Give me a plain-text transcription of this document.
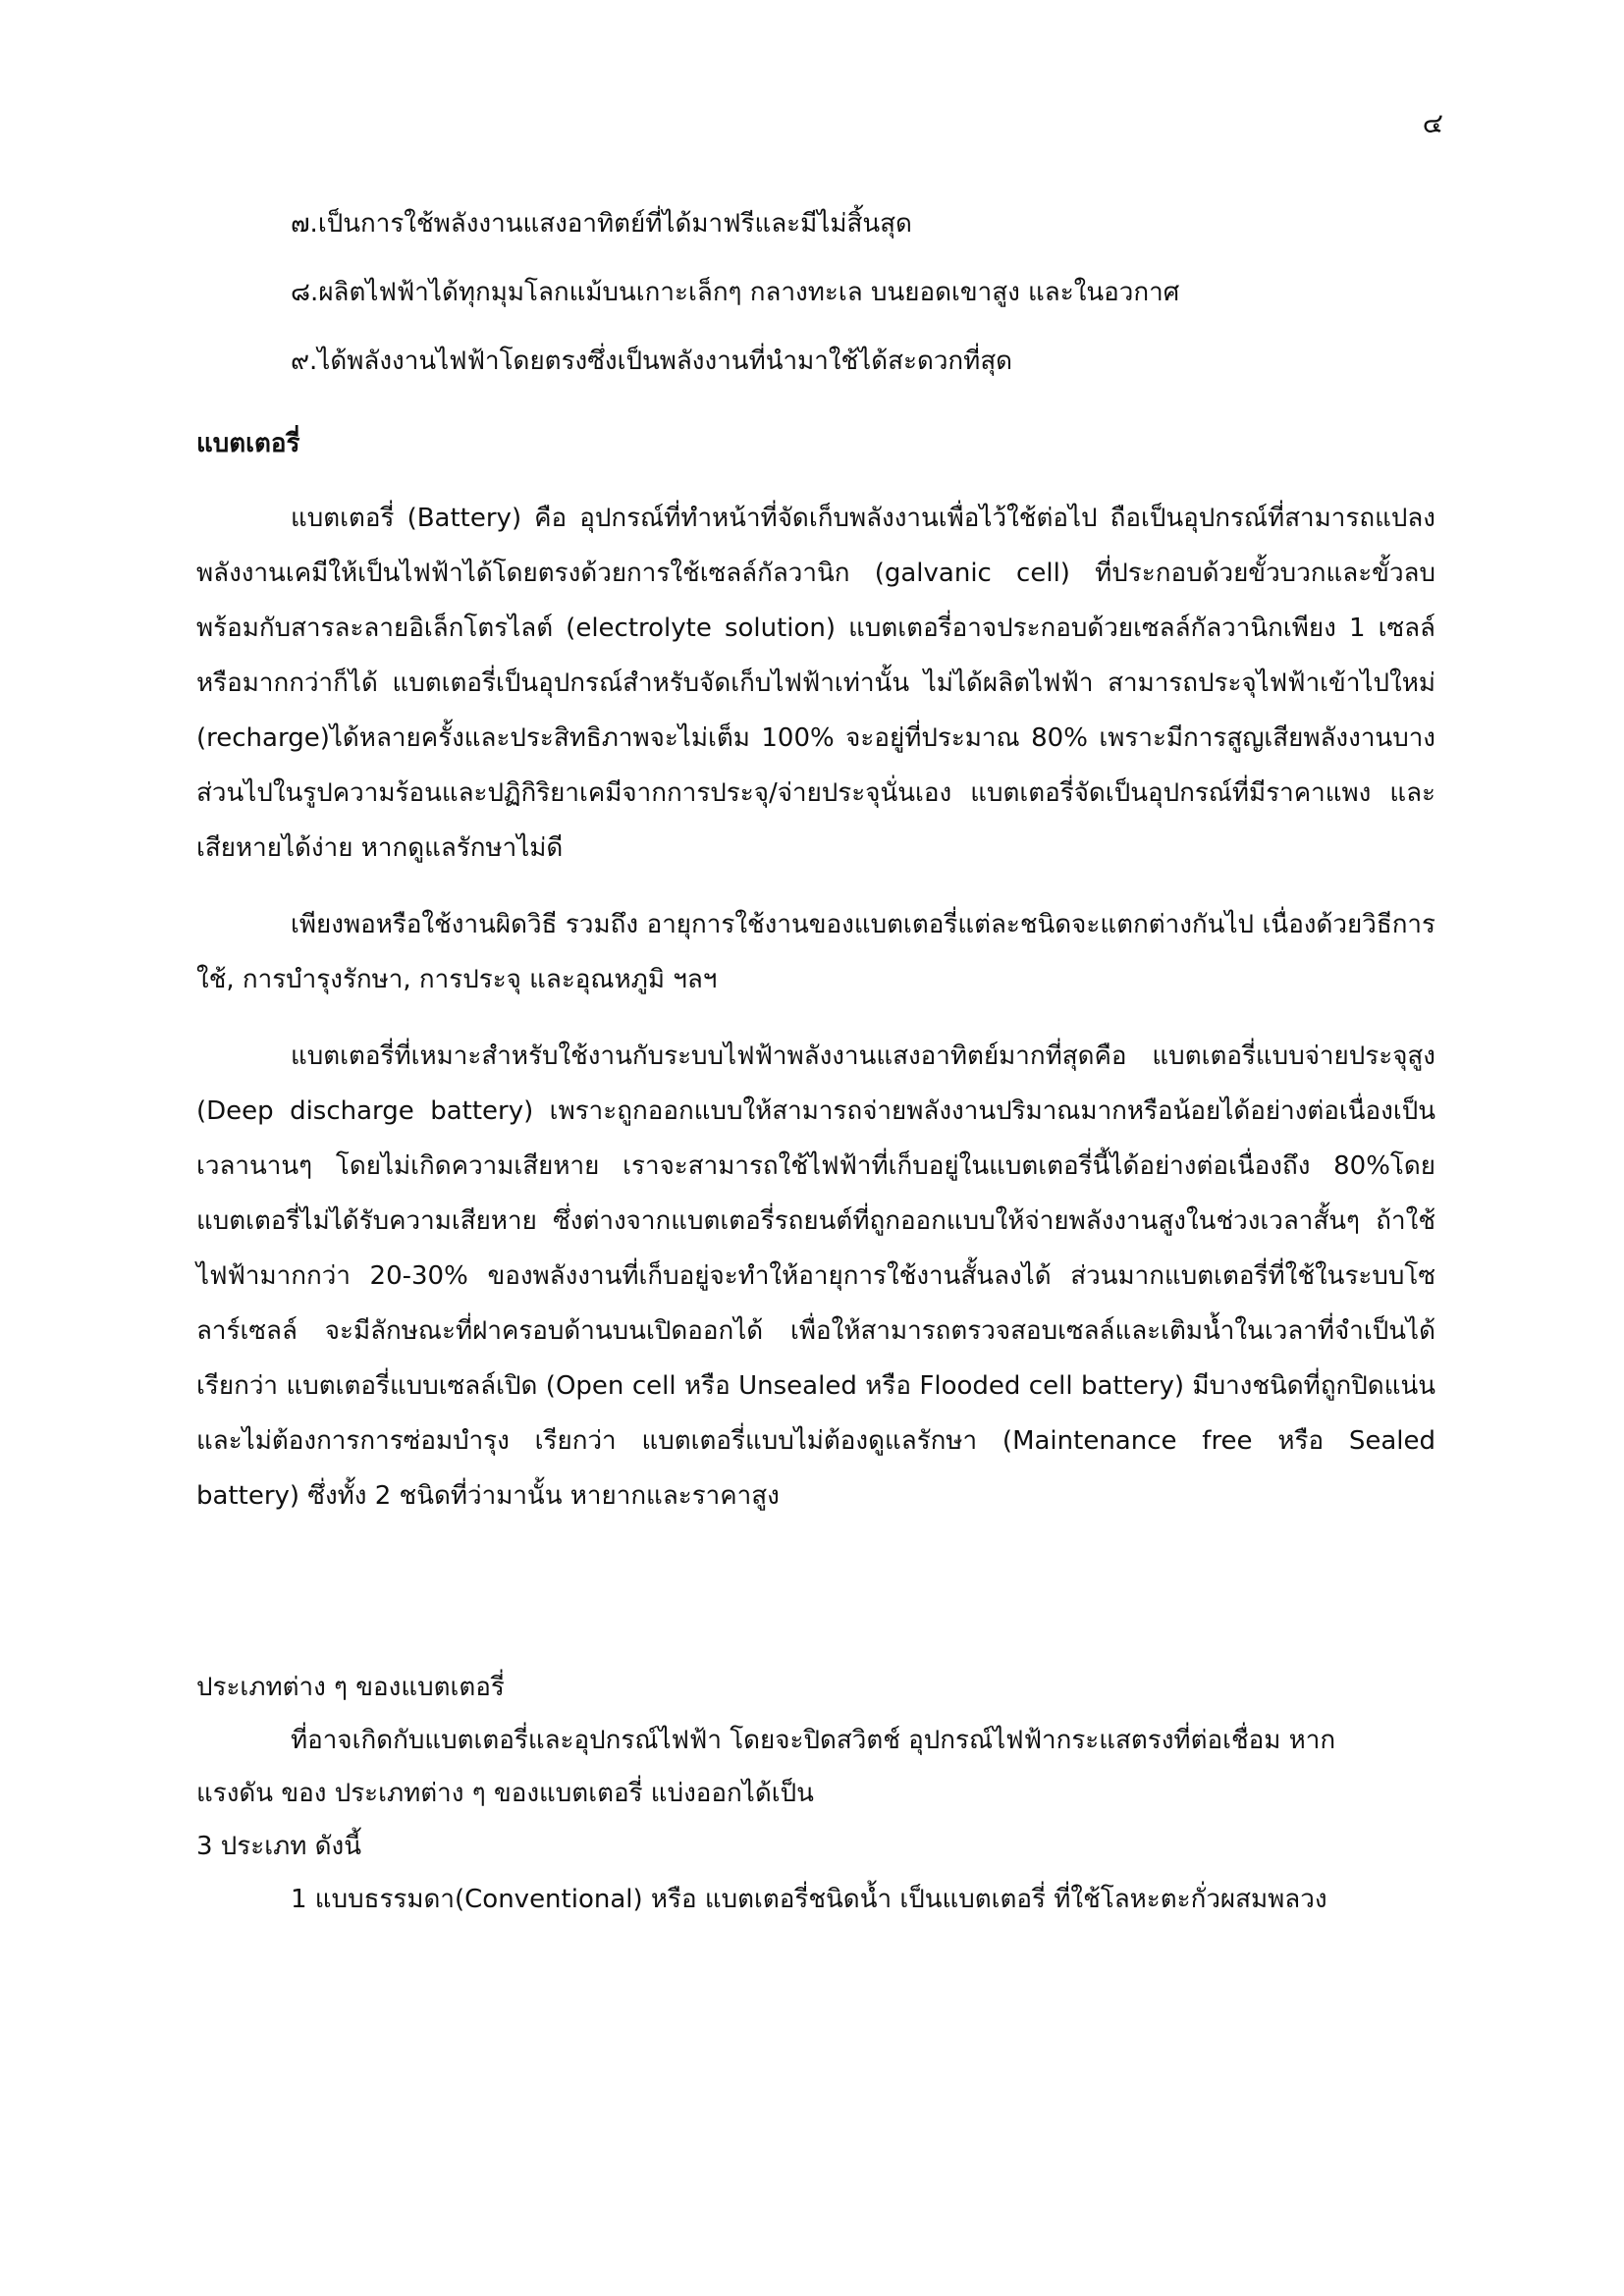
๔
๗.เป็นการใช้พลังงานแสงอาทิตย์ที่ได้มาฟรีและมีไม่สิ้นสุด
๘.ผลิตไฟฟ้าได้ทุกมุมโลกแม้บนเกาะเล็กๆ กลางทะเล บนยอดเขาสูง และในอวกาศ
๙.ได้พลังงานไฟฟ้าโดยตรงซึ่งเป็นพลังงานที่นำมาใช้ได้สะดวกที่สุด
แบตเตอรี่

แบตเตอรี่ (Battery) คือ อุปกรณ์ที่ทำหน้าที่จัดเก็บพลังงานเพื่อไว้ใช้ต่อไป ถือเป็นอุปกรณ์ที่สามารถแปลงพลังงานเคมีให้เป็นไฟฟ้าได้โดยตรงด้วยการใช้เซลล์กัลวานิก (galvanic cell) ที่ประกอบด้วยขั้วบวกและขั้วลบ พร้อมกับสารละลายอิเล็กโตรไลต์ (electrolyte solution) แบตเตอรี่อาจประกอบด้วยเซลล์กัลวานิกเพียง 1 เซลล์ หรือมากกว่าก็ได้ แบตเตอรี่เป็นอุปกรณ์สำหรับจัดเก็บไฟฟ้าเท่านั้น ไม่ได้ผลิตไฟฟ้า สามารถประจุไฟฟ้าเข้าไปใหม่ (recharge)ได้หลายครั้งและประสิทธิภาพจะไม่เต็ม 100% จะอยู่ที่ประมาณ 80% เพราะมีการสูญเสียพลังงานบางส่วนไปในรูปความร้อนและปฏิกิริยาเคมีจากการประจุ/จ่ายประจุนั่นเอง แบตเตอรี่จัดเป็นอุปกรณ์ที่มีราคาแพง และเสียหายได้ง่าย หากดูแลรักษาไม่ดี

เพียงพอหรือใช้งานผิดวิธี รวมถึง อายุการใช้งานของแบตเตอรี่แต่ละชนิดจะแตกต่างกันไป เนื่องด้วยวิธีการใช้, การบำรุงรักษา, การประจุ และอุณหภูมิ ฯลฯ

แบตเตอรี่ที่เหมาะสำหรับใช้งานกับระบบไฟฟ้าพลังงานแสงอาทิตย์มากที่สุดคือ แบตเตอรี่แบบจ่ายประจุสูง (Deep discharge battery) เพราะถูกออกแบบให้สามารถจ่ายพลังงานปริมาณมากหรือน้อยได้อย่างต่อเนื่องเป็นเวลานานๆ โดยไม่เกิดความเสียหาย เราจะสามารถใช้ไฟฟ้าที่เก็บอยู่ในแบตเตอรี่นี้ได้อย่างต่อเนื่องถึง 80%โดยแบตเตอรี่ไม่ได้รับความเสียหาย ซึ่งต่างจากแบตเตอรี่รถยนต์ที่ถูกออกแบบให้จ่ายพลังงานสูงในช่วงเวลาสั้นๆ ถ้าใช้ไฟฟ้ามากกว่า 20-30% ของพลังงานที่เก็บอยู่จะทำให้อายุการใช้งานสั้นลงได้ ส่วนมากแบตเตอรี่ที่ใช้ในระบบโซลาร์เซลล์ จะมีลักษณะที่ฝาครอบด้านบนเปิดออกได้ เพื่อให้สามารถตรวจสอบเซลล์และเติมน้ำในเวลาที่จำเป็นได้ เรียกว่า แบตเตอรี่แบบเซลล์เปิด (Open cell หรือ Unsealed หรือ Flooded cell battery) มีบางชนิดที่ถูกปิดแน่นและไม่ต้องการการซ่อมบำรุง เรียกว่า แบตเตอรี่แบบไม่ต้องดูแลรักษา (Maintenance free หรือ Sealed battery) ซึ่งทั้ง 2 ชนิดที่ว่ามานั้น หายากและราคาสูง

ประเภทต่าง ๆ ของแบตเตอรี่
ที่อาจเกิดกับแบตเตอรี่และอุปกรณ์ไฟฟ้า โดยจะปิดสวิตช์ อุปกรณ์ไฟฟ้ากระแสตรงที่ต่อเชื่อม หาก
แรงดัน ของ ประเภทต่าง ๆ ของแบตเตอรี่ แบ่งออกได้เป็น
3 ประเภท ดังนี้
1 แบบธรรมดา(Conventional) หรือ แบตเตอรี่ชนิดน้ำ เป็นแบตเตอรี่ ที่ใช้โลหะตะกั่วผสมพลวง
